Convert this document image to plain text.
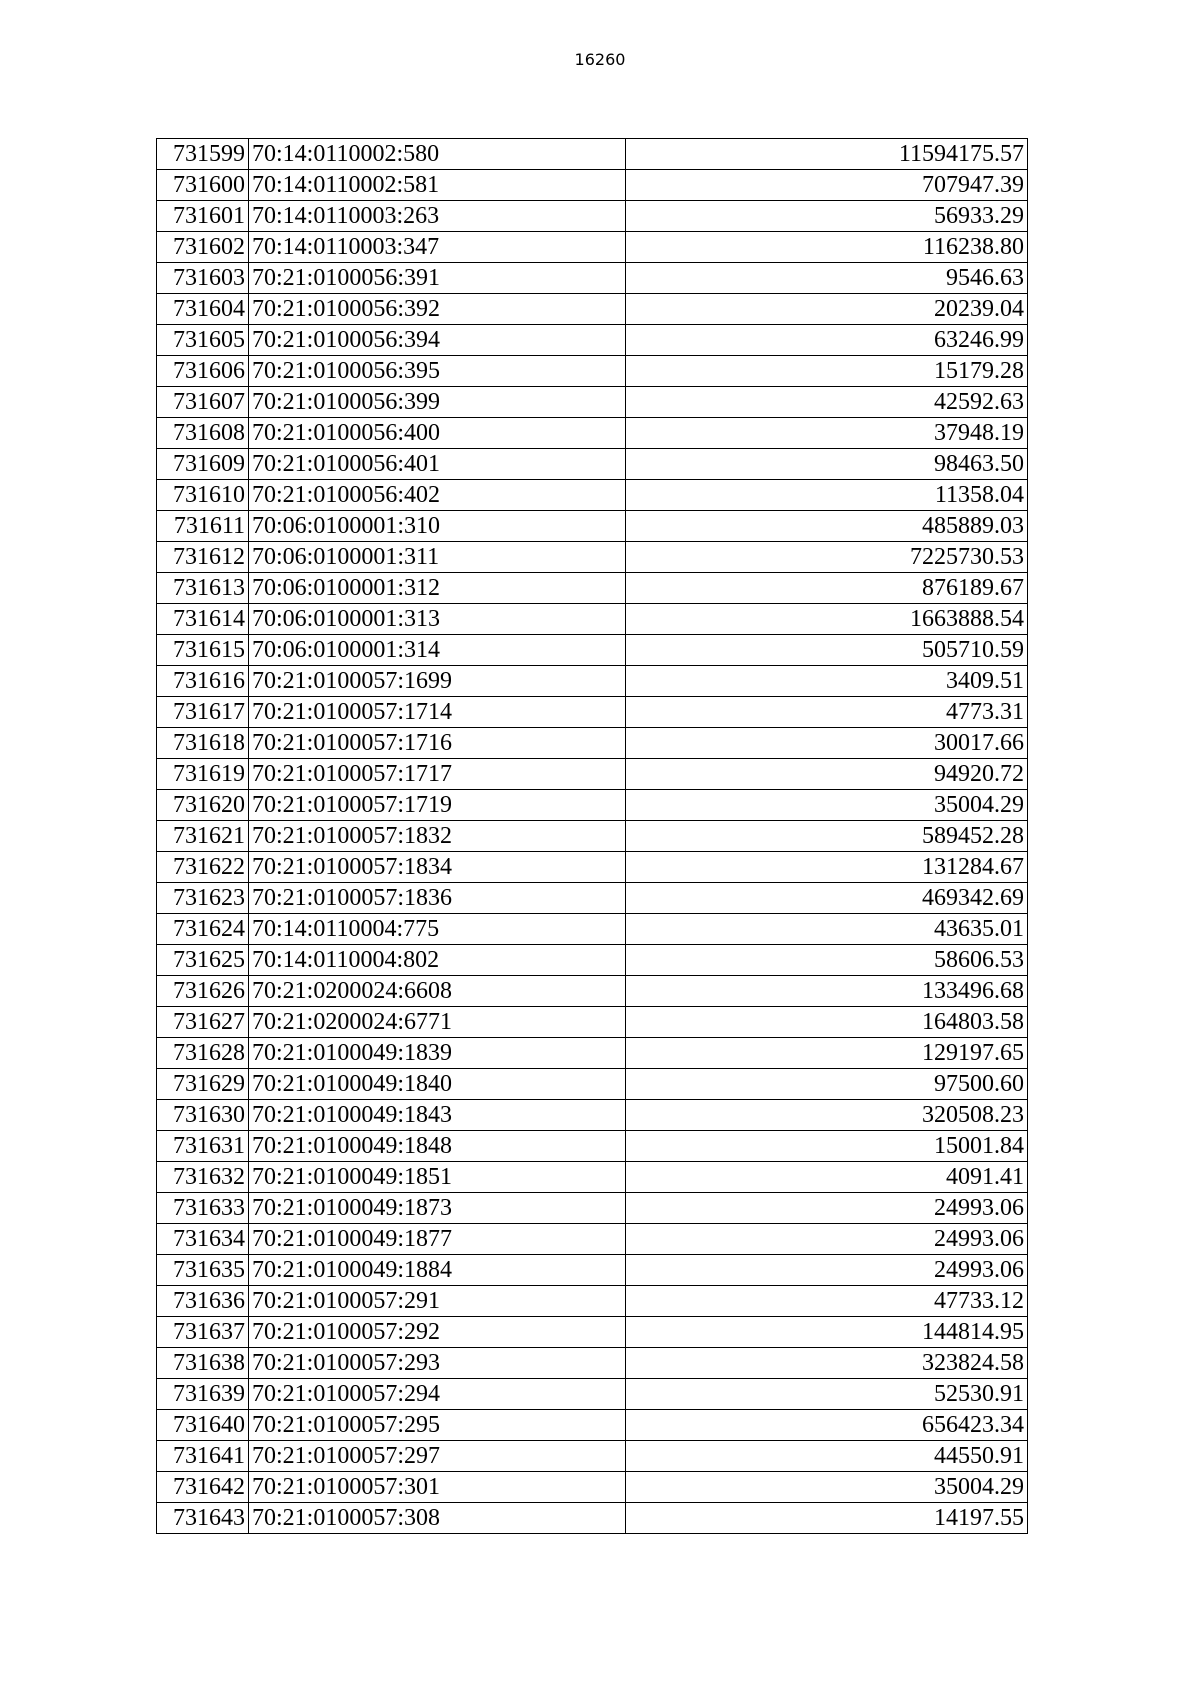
16260
731599	70:14:0110002:580	11594175.57
731600	70:14:0110002:581	707947.39
731601	70:14:0110003:263	56933.29
731602	70:14:0110003:347	116238.80
731603	70:21:0100056:391	9546.63
731604	70:21:0100056:392	20239.04
731605	70:21:0100056:394	63246.99
731606	70:21:0100056:395	15179.28
731607	70:21:0100056:399	42592.63
731608	70:21:0100056:400	37948.19
731609	70:21:0100056:401	98463.50
731610	70:21:0100056:402	11358.04
731611	70:06:0100001:310	485889.03
731612	70:06:0100001:311	7225730.53
731613	70:06:0100001:312	876189.67
731614	70:06:0100001:313	1663888.54
731615	70:06:0100001:314	505710.59
731616	70:21:0100057:1699	3409.51
731617	70:21:0100057:1714	4773.31
731618	70:21:0100057:1716	30017.66
731619	70:21:0100057:1717	94920.72
731620	70:21:0100057:1719	35004.29
731621	70:21:0100057:1832	589452.28
731622	70:21:0100057:1834	131284.67
731623	70:21:0100057:1836	469342.69
731624	70:14:0110004:775	43635.01
731625	70:14:0110004:802	58606.53
731626	70:21:0200024:6608	133496.68
731627	70:21:0200024:6771	164803.58
731628	70:21:0100049:1839	129197.65
731629	70:21:0100049:1840	97500.60
731630	70:21:0100049:1843	320508.23
731631	70:21:0100049:1848	15001.84
731632	70:21:0100049:1851	4091.41
731633	70:21:0100049:1873	24993.06
731634	70:21:0100049:1877	24993.06
731635	70:21:0100049:1884	24993.06
731636	70:21:0100057:291	47733.12
731637	70:21:0100057:292	144814.95
731638	70:21:0100057:293	323824.58
731639	70:21:0100057:294	52530.91
731640	70:21:0100057:295	656423.34
731641	70:21:0100057:297	44550.91
731642	70:21:0100057:301	35004.29
731643	70:21:0100057:308	14197.55
